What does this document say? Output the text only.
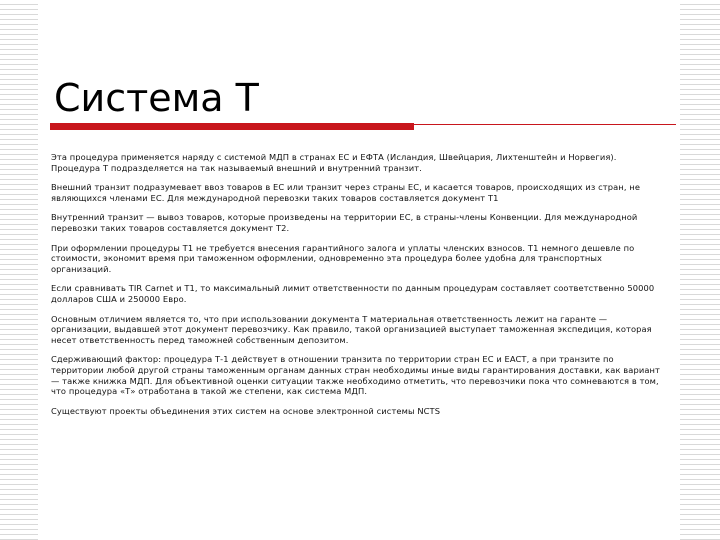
Система Т

Эта процедура применяется наряду с системой МДП в странах ЕС и ЕФТА (Исландия, Швейцария, Лихтенштейн и Норвегия). Процедура Т подразделяется на так называемый внешний и внутренний транзит.

Внешний транзит подразумевает ввоз товаров в ЕС или транзит через страны ЕС, и касается товаров, происходящих из стран, не являющихся членами ЕС. Для международной перевозки таких товаров составляется документ Т1

Внутренний транзит — вывоз товаров, которые произведены на территории ЕС, в страны-члены Конвенции. Для международной перевозки таких товаров составляется документ Т2.

При оформлении процедуры Т1 не требуется внесения гарантийного залога и уплаты членских взносов. Т1 немного дешевле по стоимости, экономит время при таможенном оформлении, одновременно эта процедура более удобна для транспортных организаций.

Если сравнивать TIR Carnet и Т1, то максимальный лимит ответственности по данным процедурам составляет соответственно 50000 долларов США и 250000 Евро.

Основным отличием является то, что при использовании документа Т материальная ответственность лежит на гаранте — организации, выдавшей этот документ перевозчику. Как правило, такой организацией выступает таможенная экспедиция, которая несет ответственность перед таможней собственным депозитом.

Сдерживающий фактор: процедура Т-1 действует в отношении транзита по территории стран ЕС и EACT, а при транзите по территории любой другой страны таможенным органам данных стран необходимы иные виды гарантирования доставки, как вариант — также книжка МДП. Для объективной оценки ситуации также необходимо отметить, что перевозчики пока что сомневаются в том, что процедура «Т» отработана в такой же степени, как система МДП.

Существуют проекты объединения этих систем на основе электронной системы NCTS
